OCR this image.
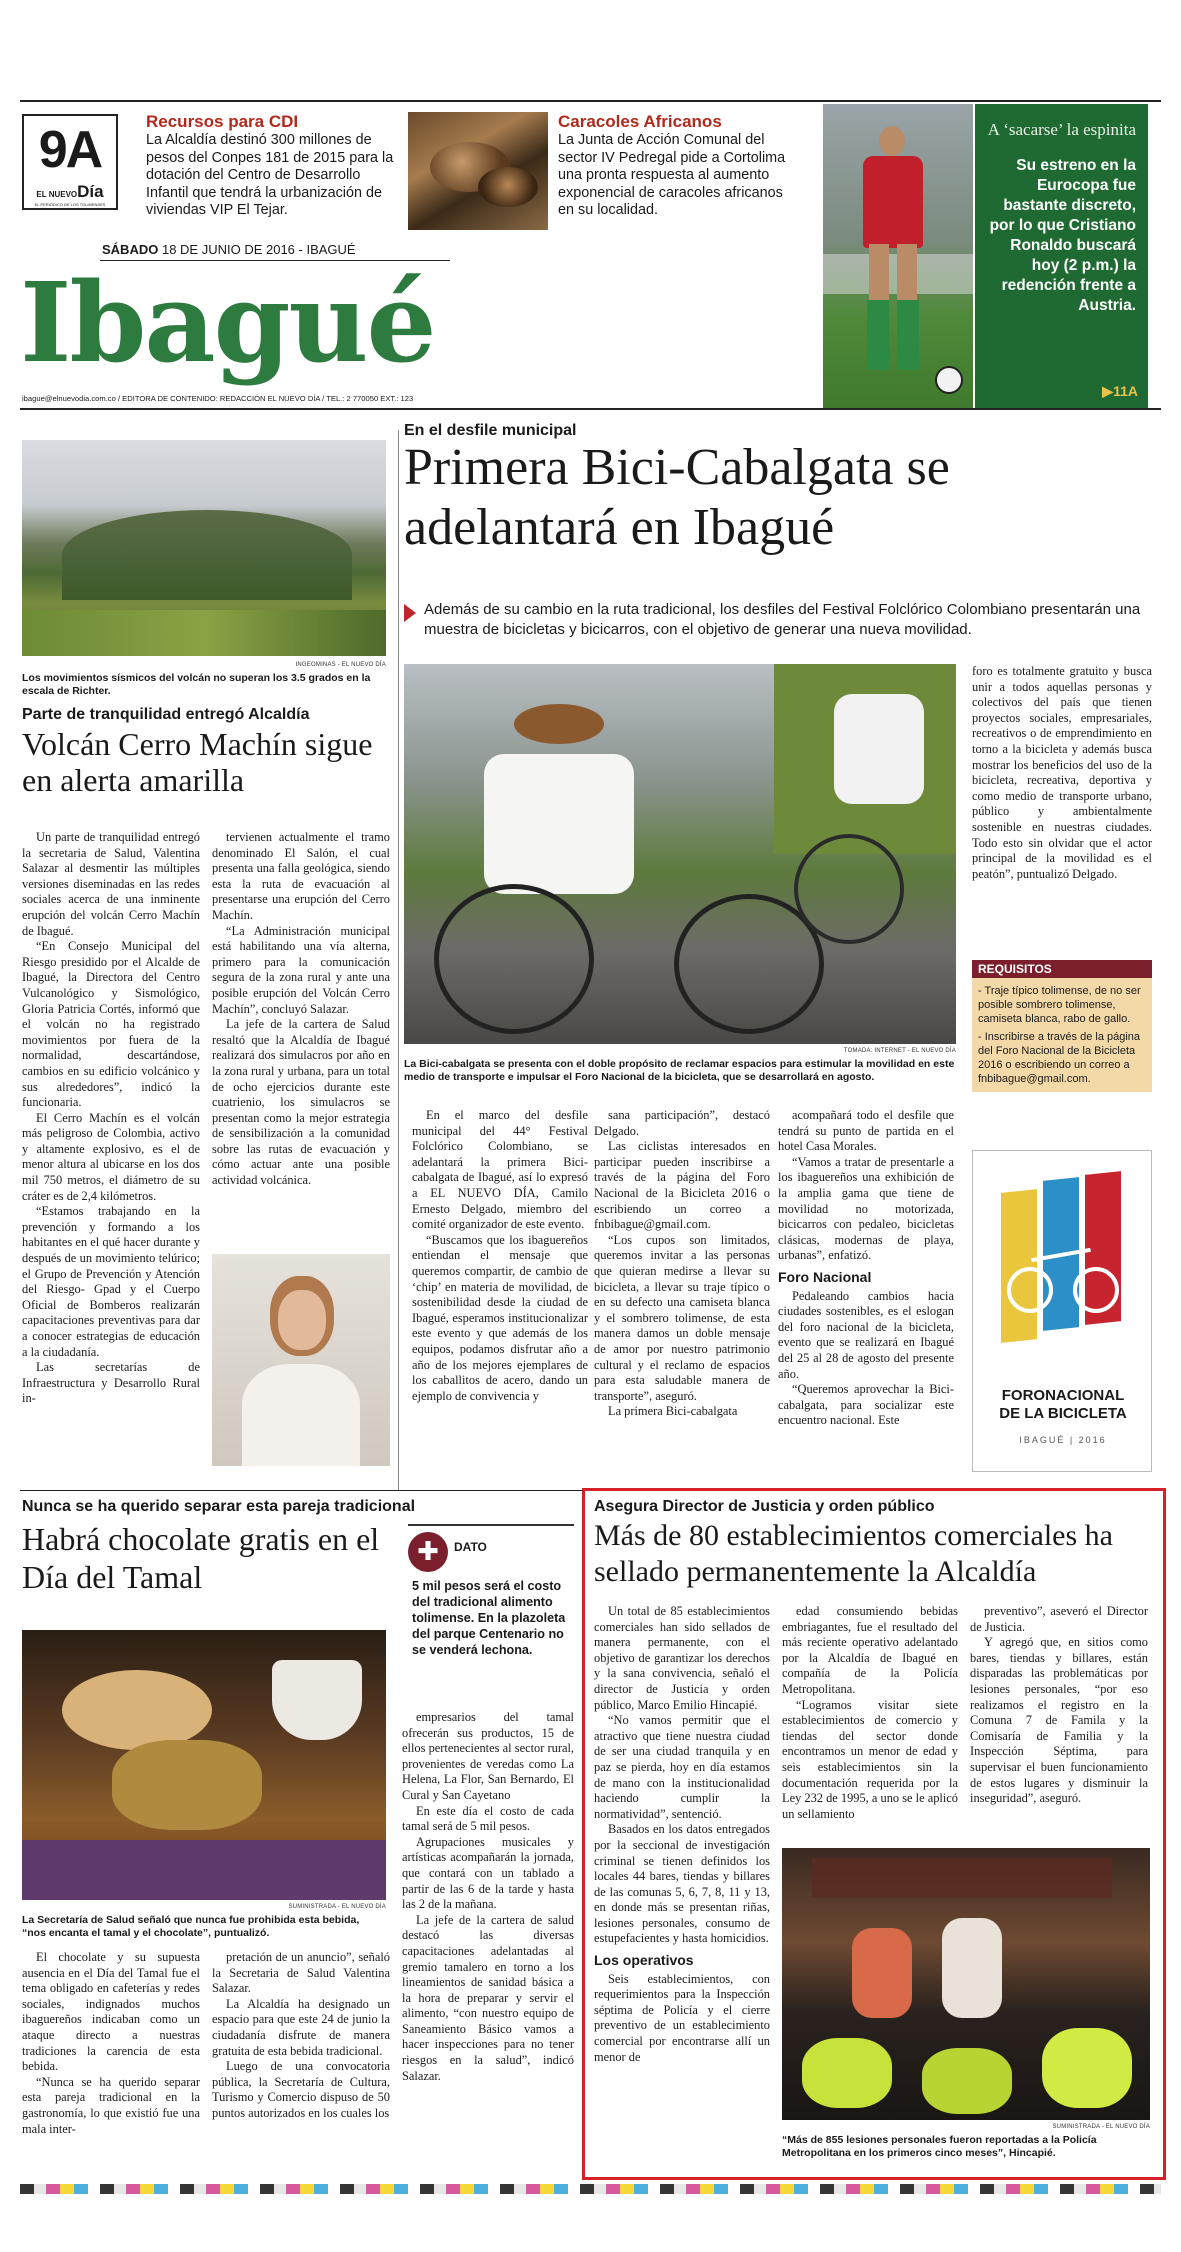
9A
EL NUEVODía
EL PERIÓDICO DE LOS TOLIMENSES
Recursos para CDI
La Alcaldía destinó 300 millones de pesos del Conpes 181 de 2015 para la dotación del Centro de Desarrollo Infantil que tendrá la urbanización de viviendas VIP El Tejar.
Caracoles Africanos
La Junta de Acción Comunal del sector IV Pedregal pide a Cortolima una pronta respuesta al aumento exponencial de caracoles africanos en su localidad.
A ‘sacarse’ la espinita
Su estreno en la Eurocopa fue bastante discreto, por lo que Cristiano Ronaldo buscará hoy (2 p.m.) la redención frente a Austria.
▶11A
SÁBADO 18 DE JUNIO DE 2016 - IBAGUÉ
Ibagué
ibague@elnuevodia.com.co / EDITORA DE CONTENIDO: REDACCIÓN EL NUEVO DÍA / TEL.: 2 770050 EXT.: 123
INGEOMINAS - EL NUEVO DÍA
Los movimientos sísmicos del volcán no superan los 3.5 grados en la escala de Richter.
Parte de tranquilidad entregó Alcaldía
Volcán Cerro Machín sigue en alerta amarilla

Un parte de tranquilidad entregó la secretaria de Salud, Valentina Salazar al desmentir las múltiples versiones diseminadas en las redes sociales acerca de una inminente erupción del volcán Cerro Machín de Ibagué.

“En Consejo Municipal del Riesgo presidido por el Alcalde de Ibagué, la Directora del Centro Vulcanológico y Sismológico, Gloria Patricia Cortés, informó que el volcán no ha registrado movimientos por fuera de la normalidad, descartándose, cambios en su edificio volcánico y sus alrededores”, indicó la funcionaria.

El Cerro Machín es el volcán más peligroso de Colombia, activo y altamente explosivo, es el de menor altura al ubicarse en los dos mil 750 metros, el diámetro de su cráter es de 2,4 kilómetros.

“Estamos trabajando en la prevención y formando a los habitantes en el qué hacer durante y después de un movimiento telúrico; el Grupo de Prevención y Atención del Riesgo- Gpad y el Cuerpo Oficial de Bomberos realizarán capacitaciones preventivas para dar a conocer estrategias de educación a la ciudadanía.

Las secretarías de Infraestructura y Desarrollo Rural in-

tervienen actualmente el tramo denominado El Salón, el cual presenta una falla geológica, siendo esta la ruta de evacuación al presentarse una erupción del Cerro Machín.

“La Administración municipal está habilitando una vía alterna, primero para la comunicación segura de la zona rural y ante una posible erupción del Volcán Cerro Machín”, concluyó Salazar.

La jefe de la cartera de Salud resaltó que la Alcaldía de Ibagué realizará dos simulacros por año en la zona rural y urbana, para un total de ocho ejercicios durante este cuatrienio, los simulacros se presentan como la mejor estrategia de sensibilización a la comunidad sobre las rutas de evacuación y cómo actuar ante una posible actividad volcánica.

En el desfile municipal
Primera Bici-Cabalgata se adelantará en Ibagué
Además de su cambio en la ruta tradicional, los desfiles del Festival Folclórico Colombiano presentarán una muestra de bicicletas y bicicarros, con el objetivo de generar una nueva movilidad.
TOMADA: INTERNET - EL NUEVO DÍA
La Bici-cabalgata se presenta con el doble propósito de reclamar espacios para estimular la movilidad en este medio de transporte e impulsar el Foro Nacional de la bicicleta, que se desarrollará en agosto.
foro es totalmente gratuito y busca unir a todos aquellas personas y colectivos del país que tienen proyectos sociales, empresariales, recreativos o de emprendimiento en torno a la bicicleta y además busca mostrar los beneficios del uso de la bicicleta, recreativa, deportiva y como medio de transporte urbano, público y ambientalmente sostenible en nuestras ciudades. Todo esto sin olvidar que el actor principal de la movilidad es el peatón”, puntualizó Delgado.
REQUISITOS
- Traje típico tolimense, de no ser posible sombrero tolimense, camiseta blanca, rabo de gallo.
- Inscribirse a través de la página del Foro Nacional de la Bicicleta 2016 o escribiendo un correo a fnbibague@gmail.com.

En el marco del desfile municipal del 44° Festival Folclórico Colombiano, se adelantará la primera Bici-cabalgata de Ibagué, así lo expresó a EL NUEVO DÍA, Camilo Ernesto Delgado, miembro del comité organizador de este evento.

“Buscamos que los ibaguereños entiendan el mensaje que queremos compartir, de cambio de ‘chip’ en materia de movilidad, de sostenibilidad desde la ciudad de Ibagué, esperamos institucionalizar este evento y que además de los equipos, podamos disfrutar año a año de los mejores ejemplares de los caballitos de acero, dando un ejemplo de convivencia y

sana participación”, destacó Delgado.

Las ciclistas interesados en participar pueden inscribirse a través de la página del Foro Nacional de la Bicicleta 2016 o escribiendo un correo a fnbibague@gmail.com.

“Los cupos son limitados, queremos invitar a las personas que quieran medirse a llevar su bicicleta, a llevar su traje típico o en su defecto una camiseta blanca y el sombrero tolimense, de esta manera damos un doble mensaje de amor por nuestro patrimonio cultural y el reclamo de espacios para esta saludable manera de transporte”, aseguró.

La primera Bici-cabalgata

acompañará todo el desfile que tendrá su punto de partida en el hotel Casa Morales.

“Vamos a tratar de presentarle a los ibaguereños una exhibición de la amplia gama que tiene de movilidad no motorizada, bicicarros con pedaleo, bicicletas clásicas, modernas de playa, urbanas”, enfatizó.

Foro Nacional

Pedaleando cambios hacia ciudades sostenibles, es el eslogan del foro nacional de la bicicleta, evento que se realizará en Ibagué del 25 al 28 de agosto del presente año.

“Queremos aprovechar la Bici-cabalgata, para socializar este encuentro nacional. Este

FORONACIONAL
DE LA BICICLETA
IBAGUÉ | 2016
Nunca se ha querido separar esta pareja tradicional
Habrá chocolate gratis en el Día del Tamal
✚	DATO
5 mil pesos será el costo del tradicional alimento tolimense. En la plazoleta del parque Centenario no se venderá lechona.
SUMINISTRADA - EL NUEVO DÍA
La Secretaría de Salud señaló que nunca fue prohibida esta bebida, “nos encanta el tamal y el chocolate”, puntualizó.

El chocolate y su supuesta ausencia en el Día del Tamal fue el tema obligado en cafeterías y redes sociales, indignados muchos ibaguereños indicaban como un ataque directo a nuestras tradiciones la carencia de esta bebida.

“Nunca se ha querido separar esta pareja tradicional en la gastronomía, lo que existió fue una mala inter-

pretación de un anuncio”, señaló la Secretaria de Salud Valentina Salazar.

La Alcaldía ha designado un espacio para que este 24 de junio la ciudadanía disfrute de manera gratuita de esta bebida tradicional.

Luego de una convocatoria pública, la Secretaría de Cultura, Turismo y Comercio dispuso de 50 puntos autorizados en los cuales los

empresarios del tamal ofrecerán sus productos, 15 de ellos pertenecientes al sector rural, provenientes de veredas como La Helena, La Flor, San Bernardo, El Cural y San Cayetano

En este día el costo de cada tamal será de 5 mil pesos.

Agrupaciones musicales y artísticas acompañarán la jornada, que contará con un tablado a partir de las 6 de la tarde y hasta las 2 de la mañana.

La jefe de la cartera de salud destacó las diversas capacitaciones adelantadas al gremio tamalero en torno a los lineamientos de sanidad básica a la hora de preparar y servir el alimento, “con nuestro equipo de Saneamiento Básico vamos a hacer inspecciones para no tener riesgos en la salud”, indicó Salazar.

Asegura Director de Justicia y orden público
Más de 80 establecimientos comerciales ha sellado permanentemente la Alcaldía

Un total de 85 establecimientos comerciales han sido sellados de manera permanente, con el objetivo de garantizar los derechos y la sana convivencia, señaló el director de Justicia y orden público, Marco Emilio Hincapié.

“No vamos permitir que el atractivo que tiene nuestra ciudad de ser una ciudad tranquila y en paz se pierda, hoy en día estamos de mano con la institucionalidad haciendo cumplir la normatividad”, sentenció.

Basados en los datos entregados por la seccional de investigación criminal se tienen definidos los locales 44 bares, tiendas y billares de las comunas 5, 6, 7, 8, 11 y 13, en donde más se presentan riñas, lesiones personales, consumo de estupefacientes y hasta homicidios.

Los operativos

Seis establecimientos, con requerimientos para la Inspección séptima de Policía y el cierre preventivo de un establecimiento comercial por encontrarse allí un menor de

edad consumiendo bebidas embriagantes, fue el resultado del más reciente operativo adelantado por la Alcaldía de Ibagué en compañía de la Policía Metropolitana.

“Logramos visitar siete establecimientos de comercio y tiendas del sector donde encontramos un menor de edad y seis establecimientos sin la documentación requerida por la Ley 232 de 1995, a uno se le aplicó un sellamiento

preventivo”, aseveró el Director de Justicia.

Y agregó que, en sitios como bares, tiendas y billares, están disparadas las problemáticas por lesiones personales, “por eso realizamos el registro en la Comuna 7 de Famila y la Comisaría de Familia y la Inspección Séptima, para supervisar el buen funcionamiento de estos lugares y disminuir la inseguridad”, aseguró.

SUMINISTRADA - EL NUEVO DÍA
“Más de 855 lesiones personales fueron reportadas a la Policía Metropolitana en los primeros cinco meses”, Hincapié.
